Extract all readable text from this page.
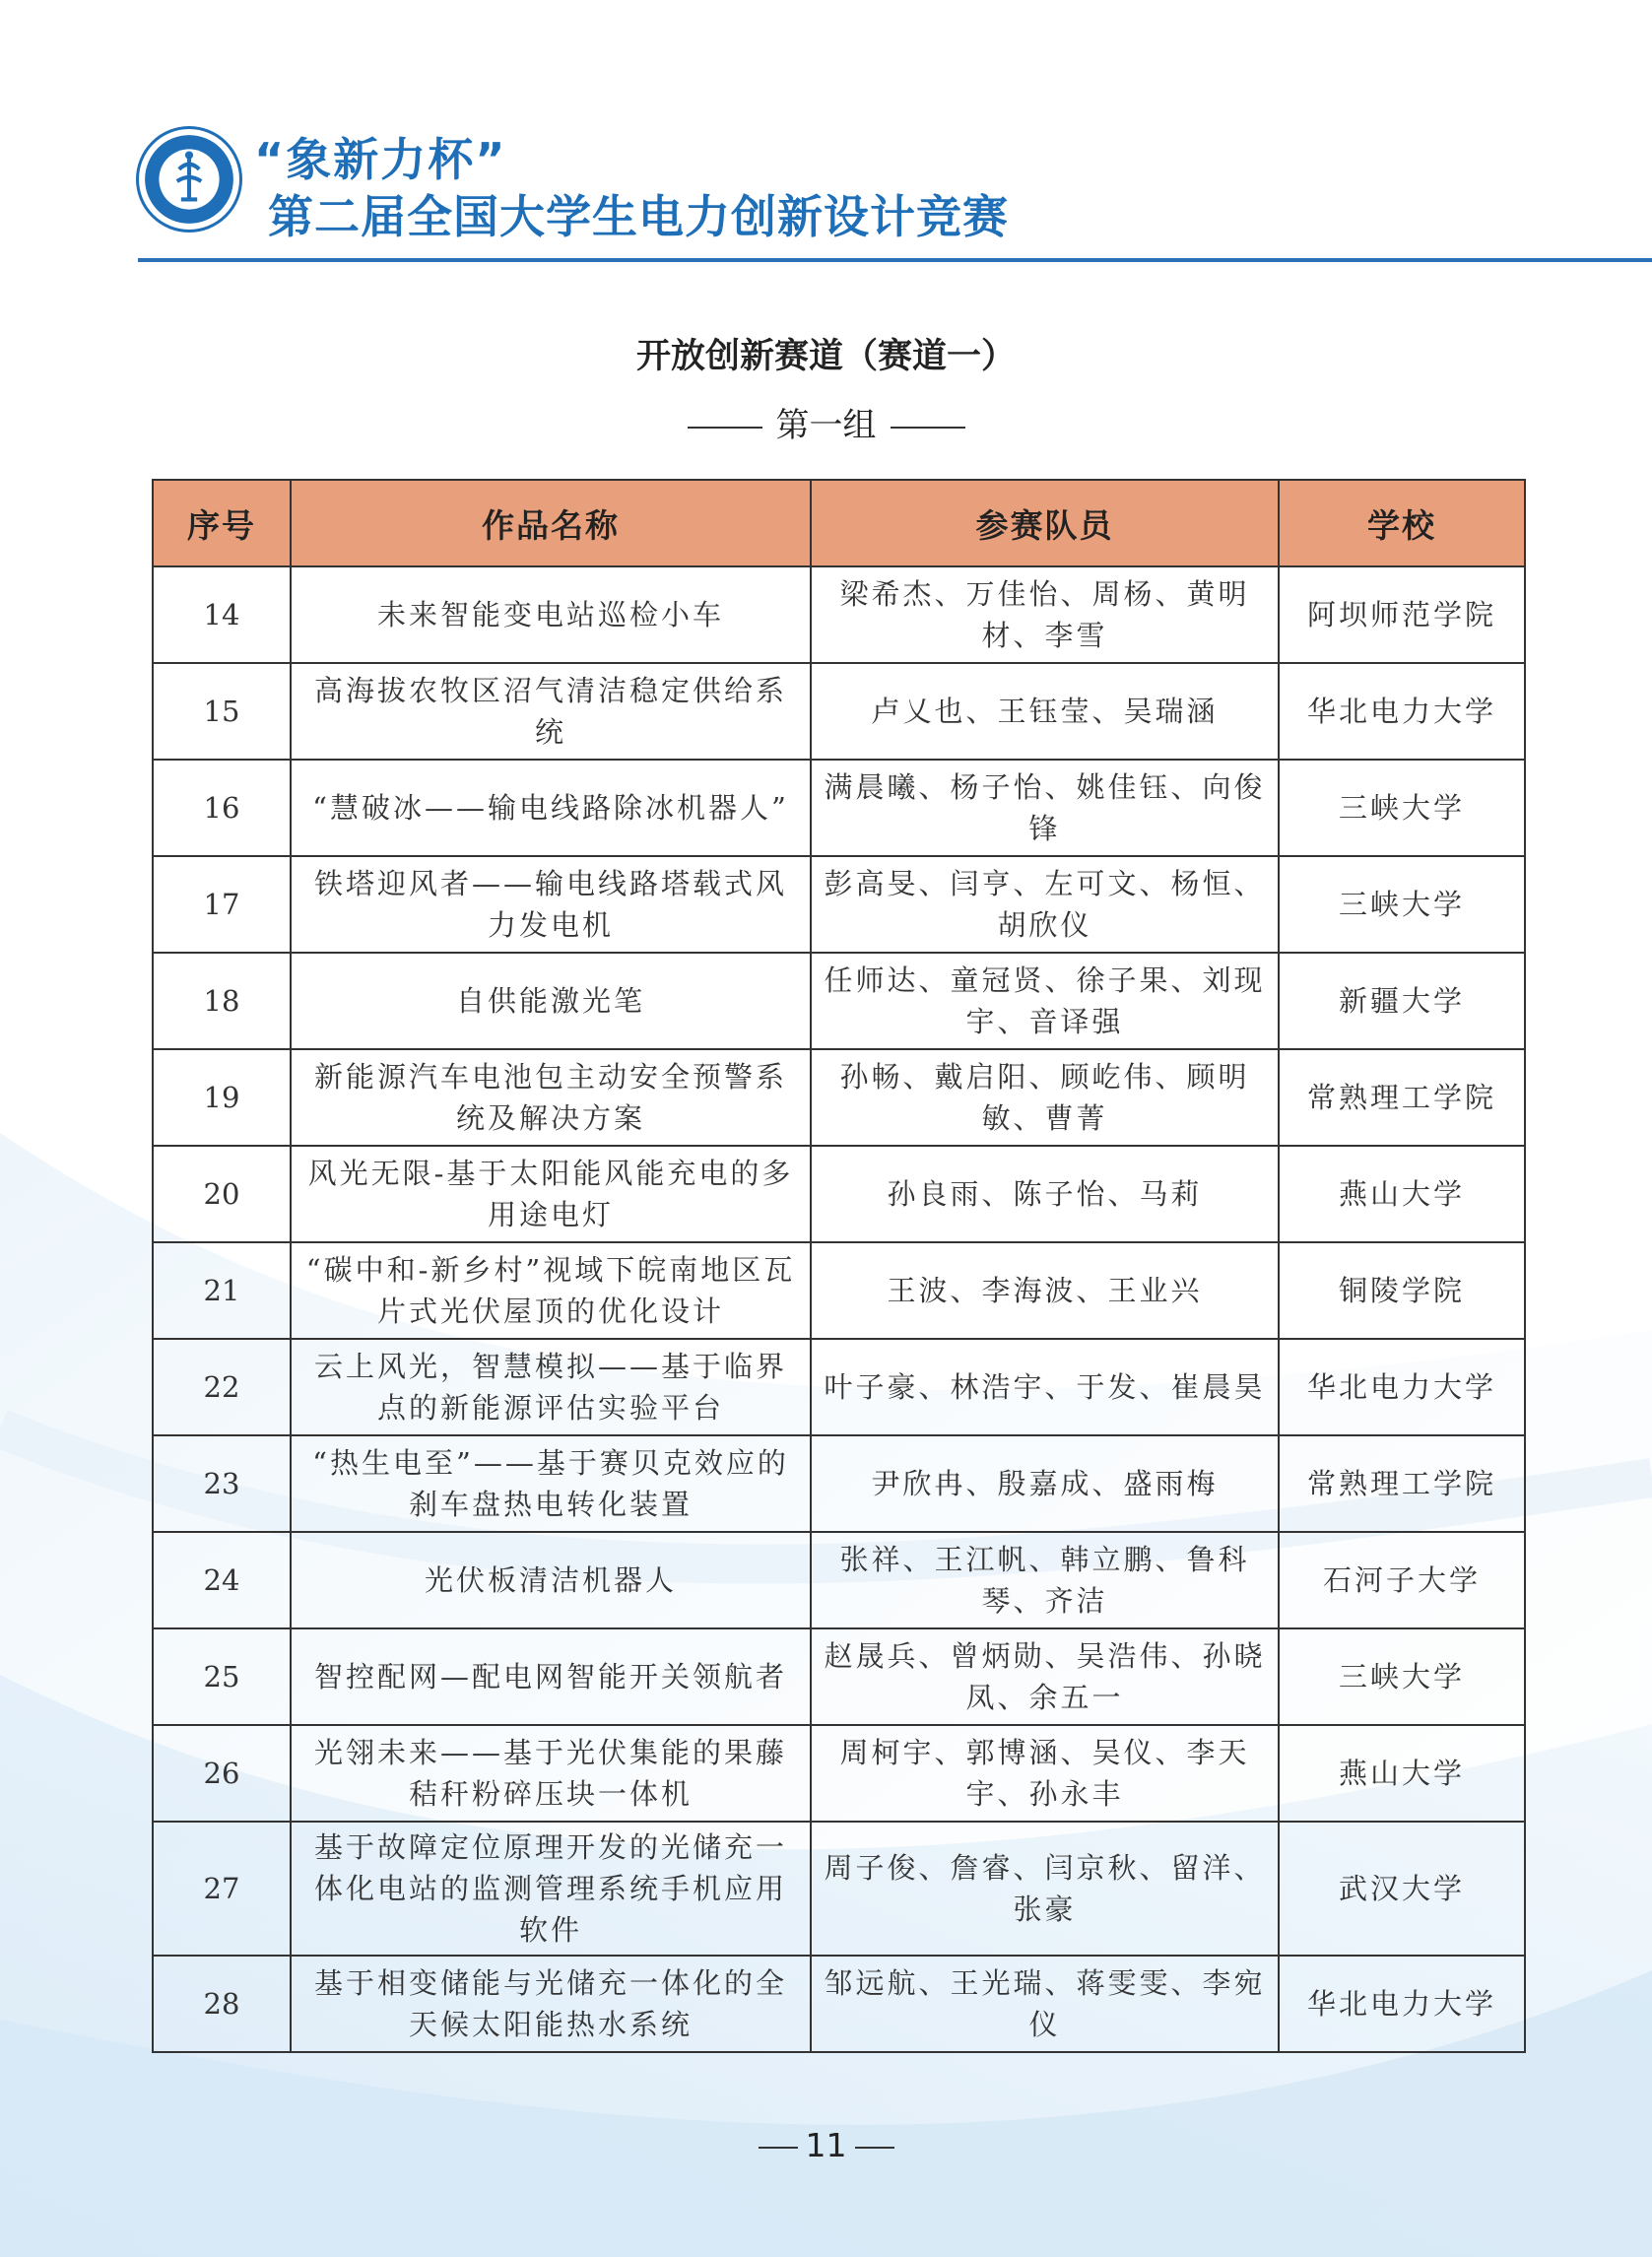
“象新力杯”
第二届全国大学生电力创新设计竞赛
开放创新赛道（赛道一）
第一组
序号	作品名称	参赛队员	学校
14	未来智能变电站巡检小车	梁希杰、万佳怡、周杨、黄明材、李雪	阿坝师范学院
15	高海拔农牧区沼气清洁稳定供给系统	卢乂也、王钰莹、吴瑞涵	华北电力大学
16	“慧破冰——输电线路除冰机器人”	满晨曦、杨子怡、姚佳钰、向俊锋	三峡大学
17	铁塔迎风者——输电线路塔载式风力发电机	彭高旻、闫亨、左可文、杨恒、胡欣仪	三峡大学
18	自供能激光笔	任师达、童冠贤、徐子果、刘现宇、音译强	新疆大学
19	新能源汽车电池包主动安全预警系统及解决方案	孙畅、戴启阳、顾屹伟、顾明敏、曹菁	常熟理工学院
20	风光无限-基于太阳能风能充电的多用途电灯	孙良雨、陈子怡、马莉	燕山大学
21	“碳中和-新乡村”视域下皖南地区瓦片式光伏屋顶的优化设计	王波、李海波、王业兴	铜陵学院
22	云上风光，智慧模拟——基于临界点的新能源评估实验平台	叶子豪、林浩宇、于发、崔晨昊	华北电力大学
23	“热生电至”——基于赛贝克效应的刹车盘热电转化装置	尹欣冉、殷嘉成、盛雨梅	常熟理工学院
24	光伏板清洁机器人	张祥、王江帆、韩立鹏、鲁科琴、齐洁	石河子大学
25	智控配网—配电网智能开关领航者	赵晟兵、曾炳勋、吴浩伟、孙晓凤、余五一	三峡大学
26	光翎未来——基于光伏集能的果藤秸秆粉碎压块一体机	周柯宇、郭博涵、吴仪、李天宇、孙永丰	燕山大学
27	基于故障定位原理开发的光储充一体化电站的监测管理系统手机应用软件	周子俊、詹睿、闫京秋、留洋、张豪	武汉大学
28	基于相变储能与光储充一体化的全天候太阳能热水系统	邹远航、王光瑞、蒋雯雯、李宛仪	华北电力大学
11
